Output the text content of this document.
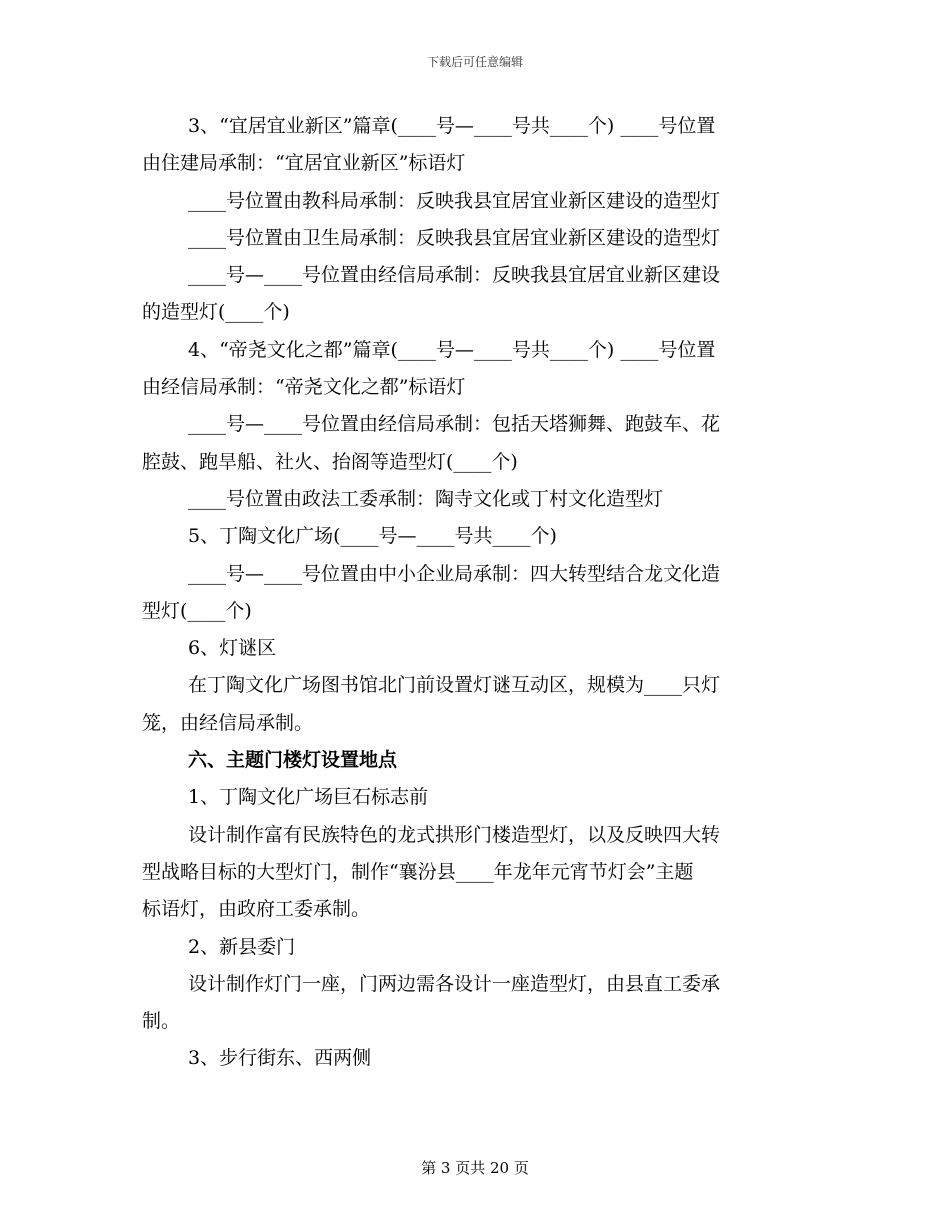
下载后可任意编辑

3、“宜居宜业新区”篇章(____号—____号共____个) ____号位置

由住建局承制：“宜居宜业新区”标语灯

____号位置由教科局承制：反映我县宜居宜业新区建设的造型灯

____号位置由卫生局承制：反映我县宜居宜业新区建设的造型灯

____号—____号位置由经信局承制：反映我县宜居宜业新区建设

的造型灯(____个)

4、“帝尧文化之都”篇章(____号—____号共____个) ____号位置

由经信局承制：“帝尧文化之都”标语灯

____号—____号位置由经信局承制：包括天塔狮舞、跑鼓车、花

腔鼓、跑旱船、社火、抬阁等造型灯(____个)

____号位置由政法工委承制：陶寺文化或丁村文化造型灯

5、丁陶文化广场(____号—____号共____个)

____号—____号位置由中小企业局承制：四大转型结合龙文化造

型灯(____个)

6、灯谜区

在丁陶文化广场图书馆北门前设置灯谜互动区，规模为____只灯

笼，由经信局承制。

六、主题门楼灯设置地点

1、丁陶文化广场巨石标志前

设计制作富有民族特色的龙式拱形门楼造型灯，以及反映四大转

型战略目标的大型灯门，制作“襄汾县____年龙年元宵节灯会”主题

标语灯，由政府工委承制。

2、新县委门

设计制作灯门一座，门两边需各设计一座造型灯，由县直工委承

制。

3、步行街东、西两侧

第 3 页共 20 页
